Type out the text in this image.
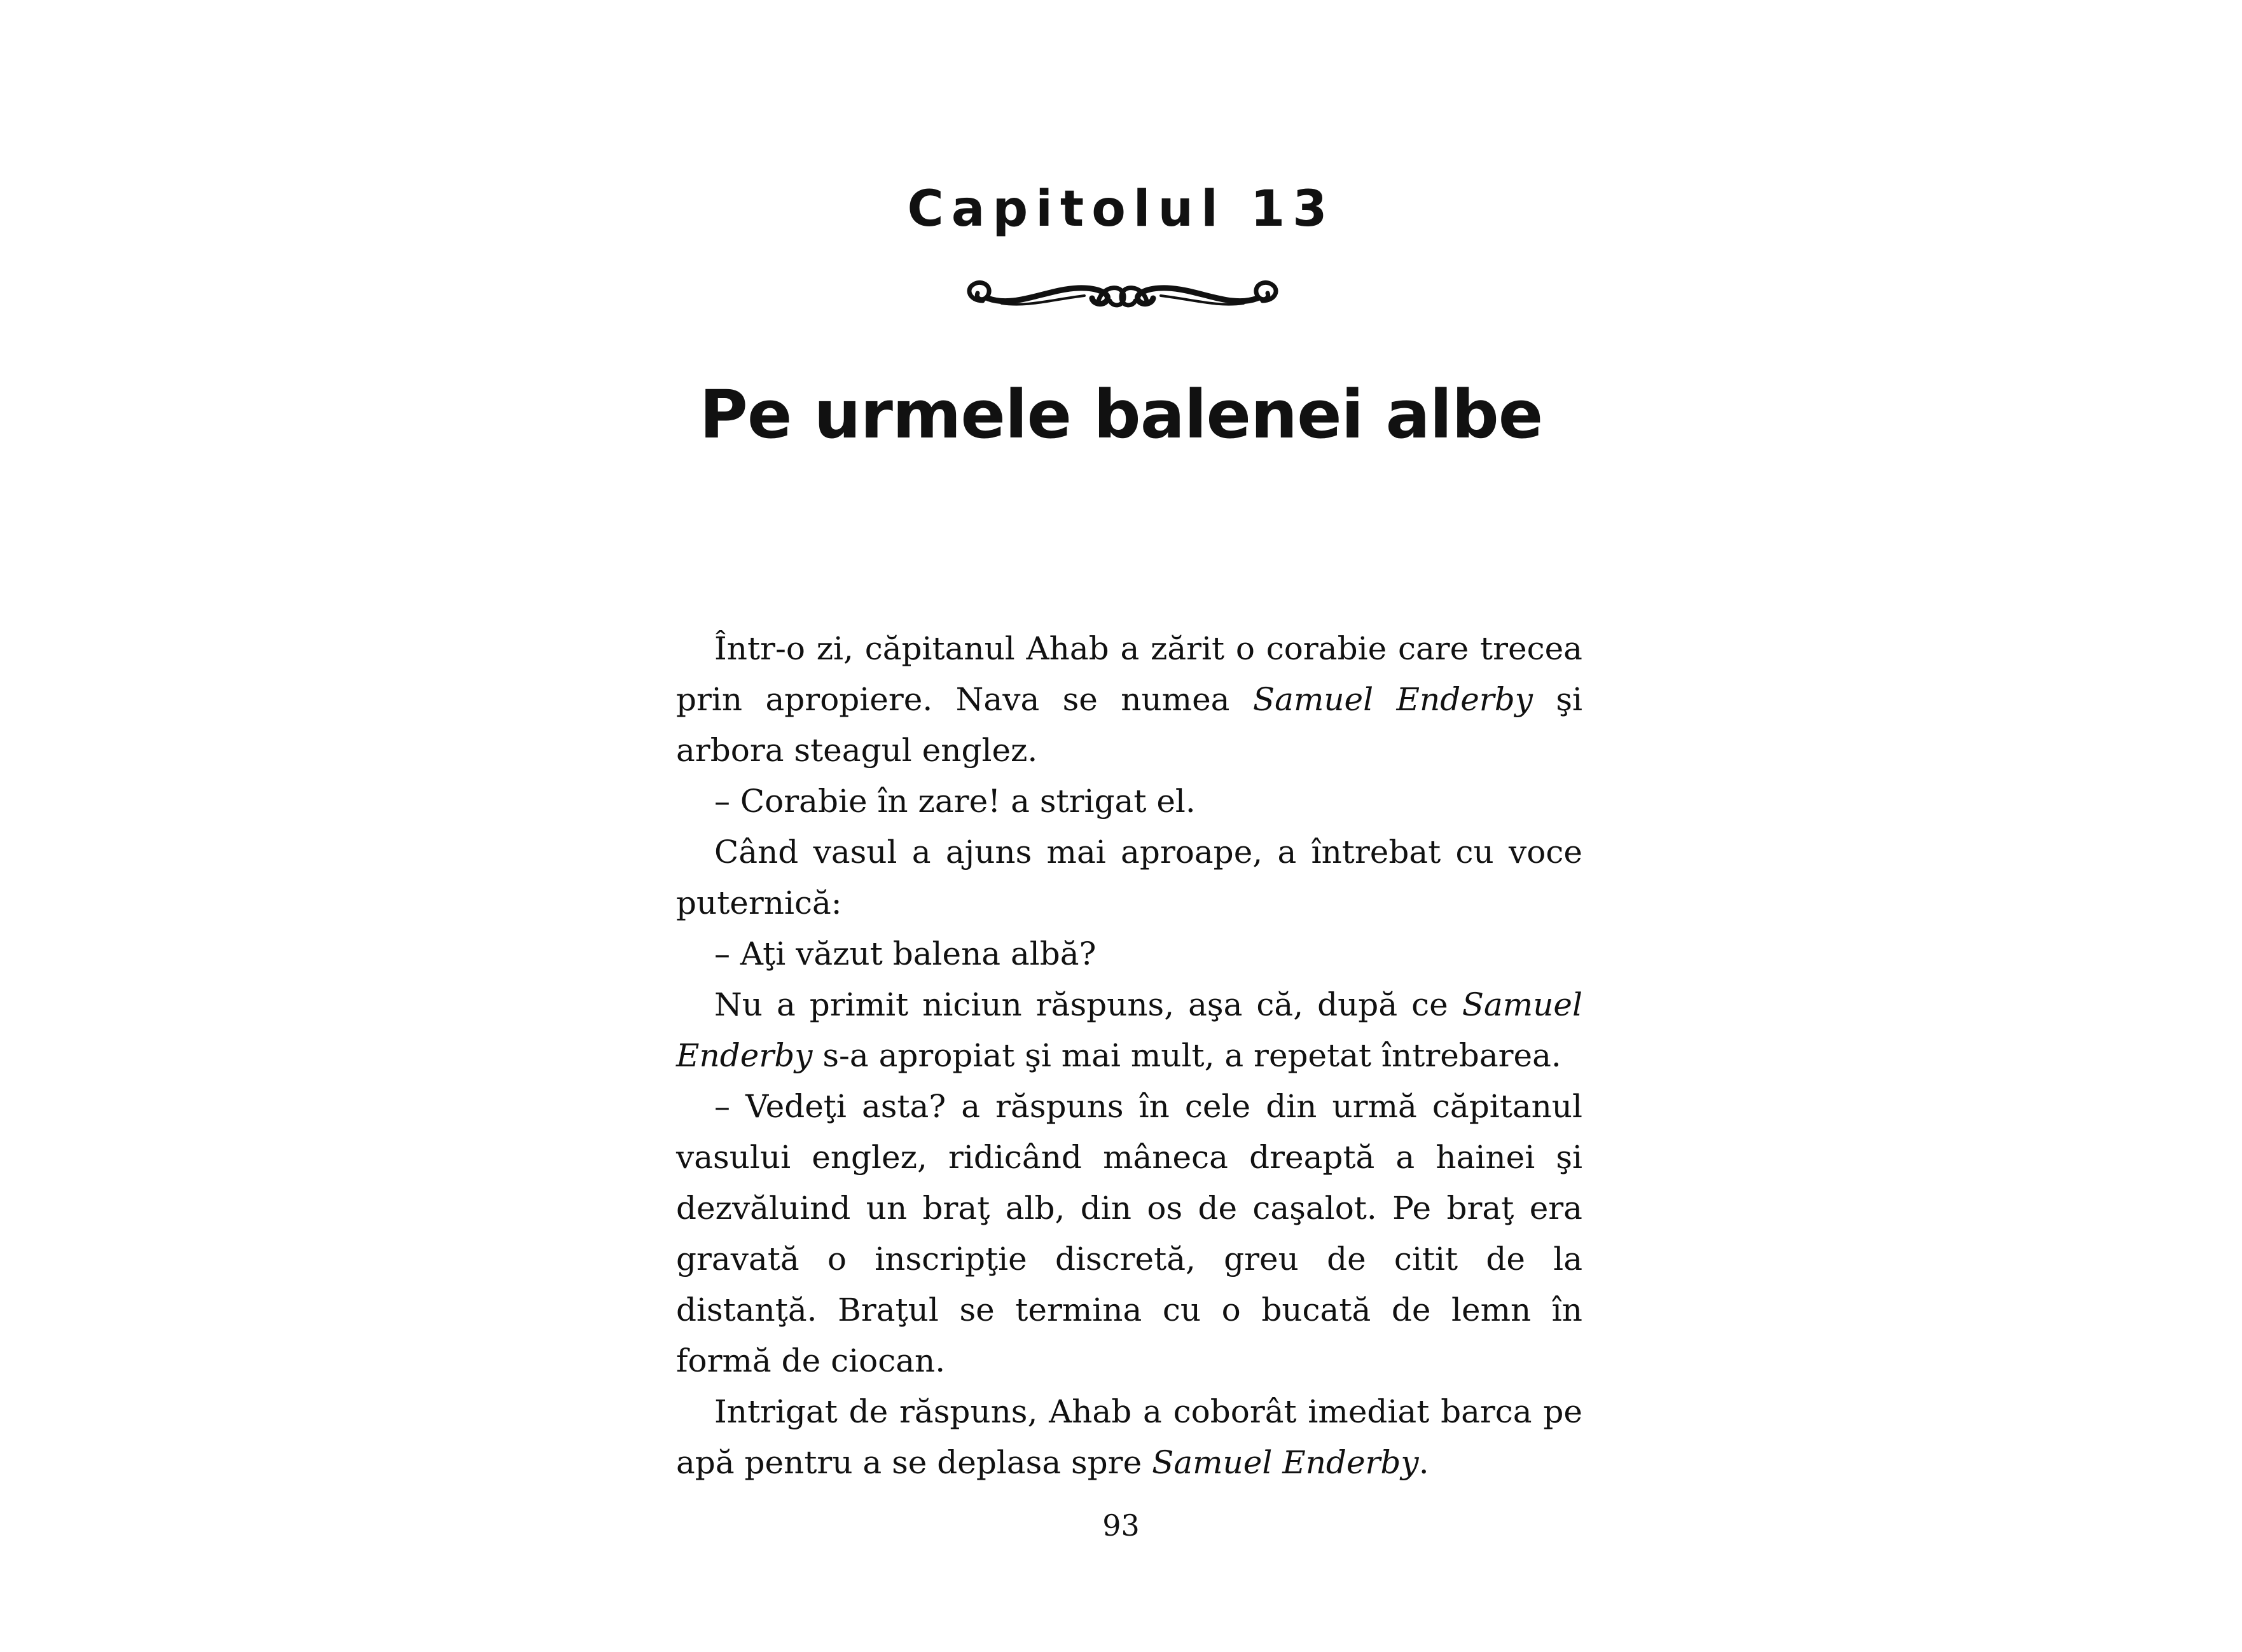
Capitolul 13
Pe urmele balenei albe

Într-o zi, căpitanul Ahab a zărit o corabie care trecea prin apropiere. Nava se numea Samuel Enderby şi arbora steagul englez.

– Corabie în zare! a strigat el.

Când vasul a ajuns mai aproape, a întrebat cu voce puternică:

– Aţi văzut balena albă?

Nu a primit niciun răspuns, aşa că, după ce Samuel Enderby s-a apropiat şi mai mult, a repetat întrebarea.

– Vedeţi asta? a răspuns în cele din urmă căpitanul vasului englez, ridicând mâneca dreaptă a hainei şi dezvăluind un braţ alb, din os de caşalot. Pe braţ era gravată o inscripţie discretă, greu de citit de la distanţă. Braţul se termina cu o bucată de lemn în formă de ciocan.

Intrigat de răspuns, Ahab a coborât imediat barca pe apă pentru a se deplasa spre Samuel Enderby.

93
